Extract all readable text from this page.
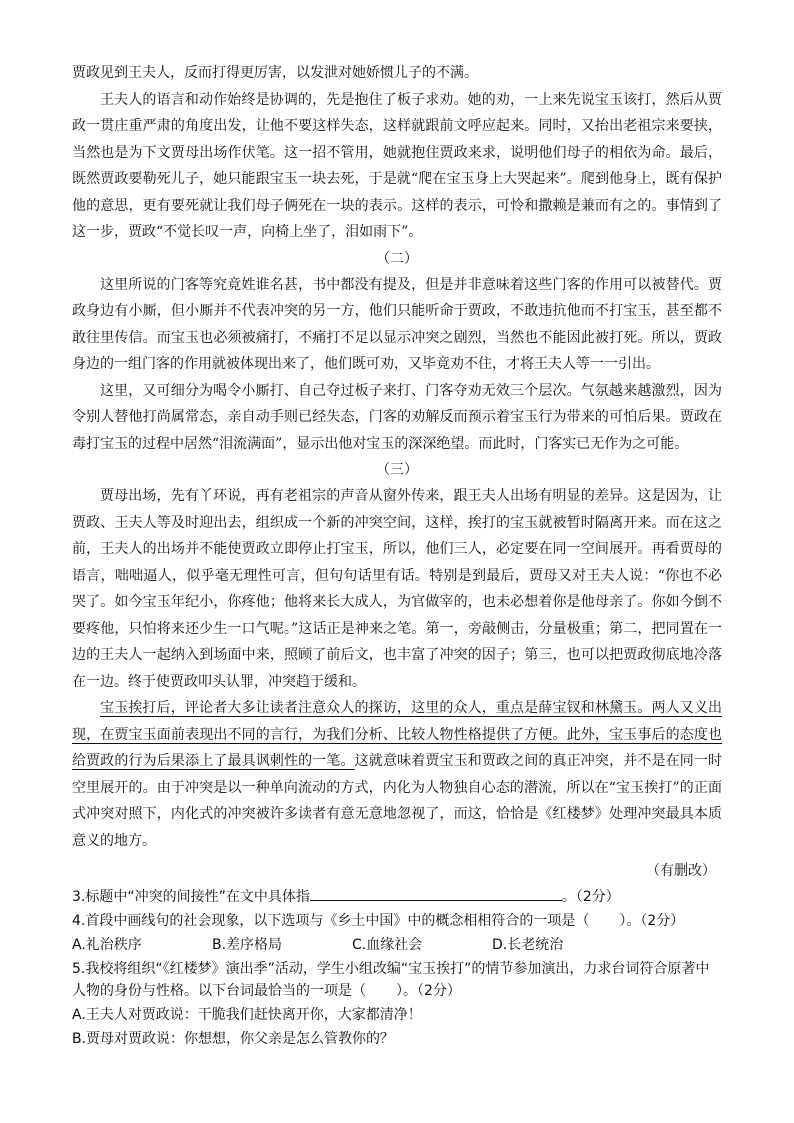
贾政见到王夫人，反而打得更厉害，以发泄对她娇惯儿子的不满。

王夫人的语言和动作始终是协调的，先是抱住了板子求劝。她的劝，一上来先说宝玉该打，然后从贾政一贯庄重严肃的角度出发，让他不要这样失态，这样就跟前文呼应起来。同时，又抬出老祖宗来要挟，当然也是为下文贾母出场作伏笔。这一招不管用，她就抱住贾政来求，说明他们母子的相依为命。最后，既然贾政要勒死儿子，她只能跟宝玉一块去死，于是就“爬在宝玉身上大哭起来”。爬到他身上，既有保护他的意思，更有要死就让我们母子俩死在一块的表示。这样的表示，可怜和撒赖是兼而有之的。事情到了这一步，贾政“不觉长叹一声，向椅上坐了，泪如雨下”。

（二）

这里所说的门客等究竟姓谁名甚，书中都没有提及，但是并非意味着这些门客的作用可以被替代。贾政身边有小厮，但小厮并不代表冲突的另一方，他们只能听命于贾政，不敢违抗他而不打宝玉，甚至都不敢往里传信。而宝玉也必须被痛打，不痛打不足以显示冲突之剧烈，当然也不能因此被打死。所以，贾政身边的一组门客的作用就被体现出来了，他们既可劝，又毕竟劝不住，才将王夫人等一一引出。

这里，又可细分为喝令小厮打、自己夺过板子来打、门客夺劝无效三个层次。气氛越来越激烈，因为令别人替他打尚属常态，亲自动手则已经失态，门客的劝解反而预示着宝玉行为带来的可怕后果。贾政在毒打宝玉的过程中居然“泪流满面”，显示出他对宝玉的深深绝望。而此时，门客实已无作为之可能。

（三）

贾母出场，先有丫环说，再有老祖宗的声音从窗外传来，跟王夫人出场有明显的差异。这是因为，让贾政、王夫人等及时迎出去，组织成一个新的冲突空间，这样，挨打的宝玉就被暂时隔离开来。而在这之前，王夫人的出场并不能使贾政立即停止打宝玉，所以，他们三人，必定要在同一空间展开。再看贾母的语言，咄咄逼人，似乎毫无理性可言，但句句话里有话。特别是到最后，贾母又对王夫人说：“你也不必哭了。如今宝玉年纪小，你疼他；他将来长大成人，为官做宰的，也未必想着你是他母亲了。你如今倒不要疼他，只怕将来还少生一口气呢。”这话正是神来之笔。第一，旁敲侧击，分量极重；第二，把同置在一边的王夫人一起纳入到场面中来，照顾了前后文，也丰富了冲突的因子；第三，也可以把贾政彻底地冷落在一边。终于使贾政叩头认罪，冲突趋于缓和。

宝玉挨打后，评论者大多让读者注意众人的探访，这里的众人，重点是薛宝钗和林黛玉。两人又义出现，在贾宝玉面前表现出不同的言行，为我们分析、比较人物性格提供了方便。此外，宝玉事后的态度也给贾政的行为后果添上了最具讽刺性的一笔。这就意味着贾宝玉和贾政之间的真正冲突，并不是在同一时空里展开的。由于冲突是以一种单向流动的方式，内化为人物独自心态的潜流，所以在“宝玉挨打”的正面式冲突对照下，内化式的冲突被许多读者有意无意地忽视了，而这，恰恰是《红楼梦》处理冲突最具本质意义的地方。

（有删改）

3.标题中“冲突的间接性”在文中具体指	。（2分）

4.首段中画线句的社会现象，以下选项与《乡土中国》中的概念相相符合的一项是（ ）。（2分）

A.礼治秩序	B.差序格局	C.血缘社会	D.长老统治

5.我校将组织“《红楼梦》演出季”活动，学生小组改编“宝玉挨打”的情节参加演出，力求台词符合原著中人物的身份与性格。以下台词最恰当的一项是（ ）。（2分）

A.王夫人对贾政说：干脆我们赶快离开你，大家都清净！

B.贾母对贾政说：你想想，你父亲是怎么管教你的？
